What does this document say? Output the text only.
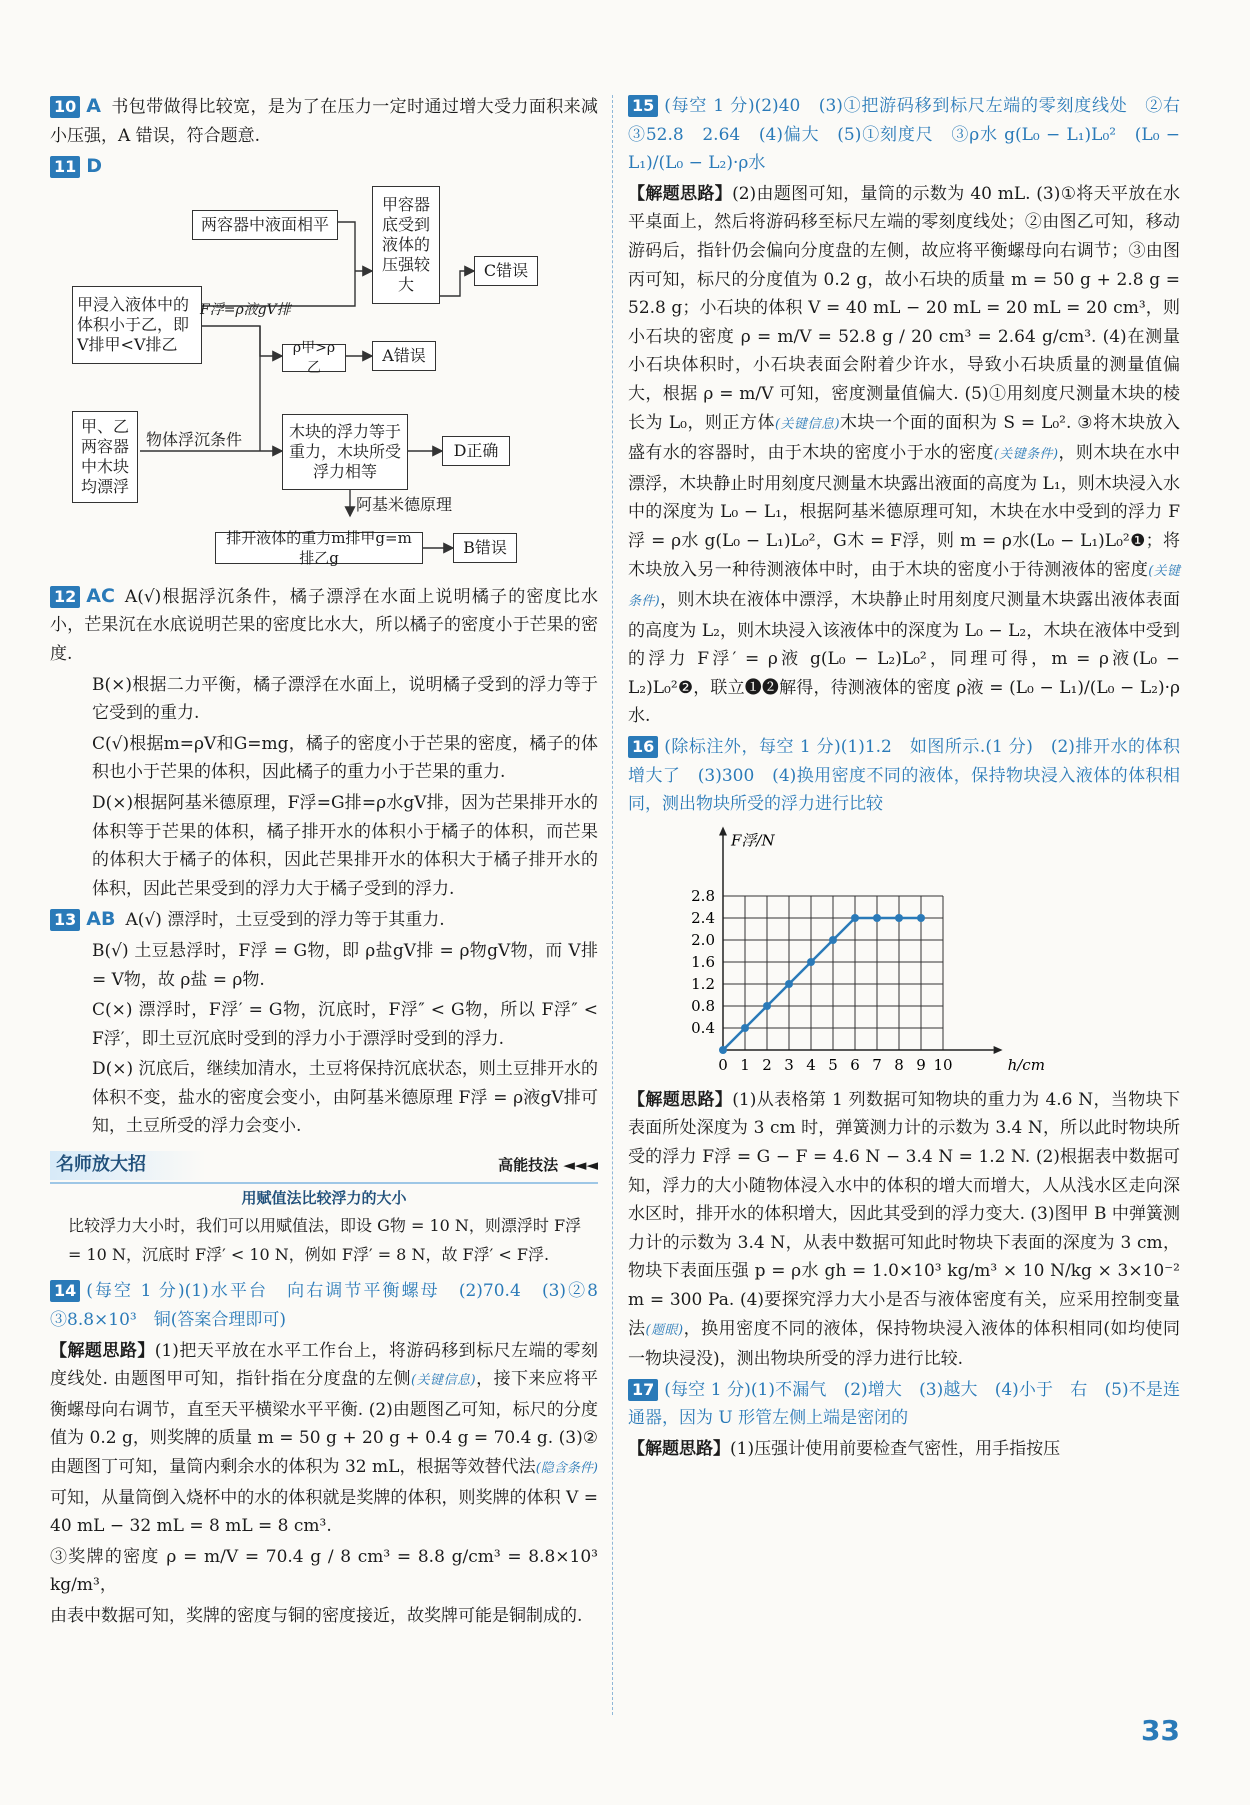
10 A 书包带做得比较宽，是为了在压力一定时通过增大受力面积来减小压强，A 错误，符合题意.
11 D
两容器中液面相平
甲容器底受到液体的压强较大
C错误
甲浸入液体中的体积小于乙，即V排甲<V排乙
F浮=ρ液gV排
ρ甲>ρ乙
A错误
甲、乙两容器中木块均漂浮
物体浮沉条件	木块的浮力等于重力，木块所受浮力相等
D正确
阿基米德原理
排开液体的重力m排甲g=m排乙g
B错误
12 AC A(√)根据浮沉条件，橘子漂浮在水面上说明橘子的密度比水小，芒果沉在水底说明芒果的密度比水大，所以橘子的密度小于芒果的密度.
B(×)根据二力平衡，橘子漂浮在水面上，说明橘子受到的浮力等于它受到的重力.
C(√)根据m=ρV和G=mg，橘子的密度小于芒果的密度，橘子的体积也小于芒果的体积，因此橘子的重力小于芒果的重力.
D(×)根据阿基米德原理，F浮=G排=ρ水gV排，因为芒果排开水的体积等于芒果的体积，橘子排开水的体积小于橘子的体积，而芒果的体积大于橘子的体积，因此芒果排开水的体积大于橘子排开水的体积，因此芒果受到的浮力大于橘子受到的浮力.
13 AB A(√) 漂浮时，土豆受到的浮力等于其重力.
B(√) 土豆悬浮时，F浮 = G物，即 ρ盐gV排 = ρ物gV物，而 V排 = V物，故 ρ盐 = ρ物.
C(×) 漂浮时，F浮′ = G物，沉底时，F浮″ < G物，所以 F浮″ < F浮′，即土豆沉底时受到的浮力小于漂浮时受到的浮力.
D(×) 沉底后，继续加清水，土豆将保持沉底状态，则土豆排开水的体积不变，盐水的密度会变小，由阿基米德原理 F浮 = ρ液gV排可知，土豆所受的浮力会变小.
名师放大招	高能技法 ◄◄◄
用赋值法比较浮力的大小
比较浮力大小时，我们可以用赋值法，即设 G物 = 10 N，则漂浮时 F浮 = 10 N，沉底时 F浮′ < 10 N，例如 F浮′ = 8 N，故 F浮′ < F浮.
14 (每空 1 分)(1)水平台　向右调节平衡螺母　(2)70.4　(3)②8　③8.8×10³　铜(答案合理即可)
【解题思路】(1)把天平放在水平工作台上，将游码移到标尺左端的零刻度线处. 由题图甲可知，指针指在分度盘的左侧(关键信息)，接下来应将平衡螺母向右调节，直至天平横梁水平平衡. (2)由题图乙可知，标尺的分度值为 0.2 g，则奖牌的质量 m = 50 g + 20 g + 0.4 g = 70.4 g. (3)②由题图丁可知，量筒内剩余水的体积为 32 mL，根据等效替代法(隐含条件)可知，从量筒倒入烧杯中的水的体积就是奖牌的体积，则奖牌的体积 V = 40 mL − 32 mL = 8 mL = 8 cm³.
③奖牌的密度 ρ = m/V = 70.4 g / 8 cm³ = 8.8 g/cm³ = 8.8×10³ kg/m³，
由表中数据可知，奖牌的密度与铜的密度接近，故奖牌可能是铜制成的.
15 (每空 1 分)(2)40　(3)①把游码移到标尺左端的零刻度线处　②右　③52.8　2.64　(4)偏大　(5)①刻度尺　③ρ水 g(L₀ − L₁)L₀²　(L₀ − L₁)/(L₀ − L₂)·ρ水
【解题思路】(2)由题图可知，量筒的示数为 40 mL. (3)①将天平放在水平桌面上，然后将游码移至标尺左端的零刻度线处；②由图乙可知，移动游码后，指针仍会偏向分度盘的左侧，故应将平衡螺母向右调节；③由图丙可知，标尺的分度值为 0.2 g，故小石块的质量 m = 50 g + 2.8 g = 52.8 g；小石块的体积 V = 40 mL − 20 mL = 20 mL = 20 cm³，则小石块的密度 ρ = m/V = 52.8 g / 20 cm³ = 2.64 g/cm³. (4)在测量小石块体积时，小石块表面会附着少许水，导致小石块质量的测量值偏大，根据 ρ = m/V 可知，密度测量值偏大. (5)①用刻度尺测量木块的棱长为 L₀，则正方体(关键信息)木块一个面的面积为 S = L₀². ③将木块放入盛有水的容器时，由于木块的密度小于水的密度(关键条件)，则木块在水中漂浮，木块静止时用刻度尺测量木块露出液面的高度为 L₁，则木块浸入水中的深度为 L₀ − L₁，根据阿基米德原理可知，木块在水中受到的浮力 F浮 = ρ水 g(L₀ − L₁)L₀²，G木 = F浮，则 m = ρ水(L₀ − L₁)L₀²❶；将木块放入另一种待测液体中时，由于木块的密度小于待测液体的密度(关键条件)，则木块在液体中漂浮，木块静止时用刻度尺测量木块露出液体表面的高度为 L₂，则木块浸入该液体中的深度为 L₀ − L₂，木块在液体中受到的浮力 F浮′ = ρ液 g(L₀ − L₂)L₀²，同理可得，m = ρ液(L₀ − L₂)L₀²❷，联立❶❷解得，待测液体的密度 ρ液 = (L₀ − L₁)/(L₀ − L₂)·ρ水.
16 (除标注外，每空 1 分)(1)1.2　如图所示.(1 分)　(2)排开水的体积增大了　(3)300　(4)换用密度不同的液体，保持物块浸入液体的体积相同，测出物块所受的浮力进行比较
0 1 2 3 4 5 6 7 8 9 10
0.4
0.8
1.2
1.6
2.0
2.4
2.8
h/cm
F浮/N
【解题思路】(1)从表格第 1 列数据可知物块的重力为 4.6 N，当物块下表面所处深度为 3 cm 时，弹簧测力计的示数为 3.4 N，所以此时物块所受的浮力 F浮 = G − F = 4.6 N − 3.4 N = 1.2 N. (2)根据表中数据可知，浮力的大小随物体浸入水中的体积的增大而增大，人从浅水区走向深水区时，排开水的体积增大，因此其受到的浮力变大. (3)图甲 B 中弹簧测力计的示数为 3.4 N，从表中数据可知此时物块下表面的深度为 3 cm，物块下表面压强 p = ρ水 gh = 1.0×10³ kg/m³ × 10 N/kg × 3×10⁻² m = 300 Pa. (4)要探究浮力大小是否与液体密度有关，应采用控制变量法(题眼)，换用密度不同的液体，保持物块浸入液体的体积相同(如均使同一物块浸没)，测出物块所受的浮力进行比较.
17 (每空 1 分)(1)不漏气　(2)增大　(3)越大　(4)小于　右　(5)不是连通器，因为 U 形管左侧上端是密闭的
【解题思路】(1)压强计使用前要检查气密性，用手指按压
33
